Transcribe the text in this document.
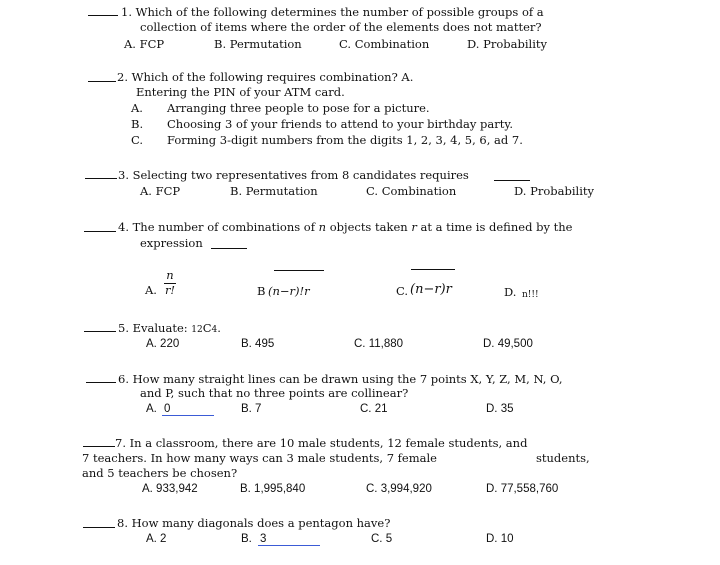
1. Which of the following determines the number of possible groups of a
collection of items where the order of the elements does not matter?
A. FCP	B. Permutation	C. Combination	D. Probability
2. Which of the following requires combination? A.
Entering the PIN of your ATM card.
A. Arranging three people to pose for a picture.
B. Choosing 3 of your friends to attend to your birthday party.
C. Forming 3-digit numbers from the digits 1, 2, 3, 4, 5, 6, ad 7.
3. Selecting two representatives from 8 candidates requires
A. FCP	B. Permutation	C. Combination	D. Probability
4. The number of combinations of n objects taken r at a time is defined by the
expression
A.
n
r!	B (n−r)!r	C. (n−r)r	D. n!!!
5. Evaluate: 12C4.
A. 220	B. 495	C. 11,880	D. 49,500
6. How many straight lines can be drawn using the 7 points X, Y, Z, M, N, O,
and P, such that no three points are collinear?
A. 0	B. 7	C. 21	D. 35
7. In a classroom, there are 10 male students, 12 female students, and
7 teachers. In how many ways can 3 male students, 7 female	students,
and 5 teachers be chosen?
A. 933,942	B. 1,995,840	C. 3,994,920	D. 77,558,760
8. How many diagonals does a pentagon have?
A. 2	B. 3	C. 5	D. 10
